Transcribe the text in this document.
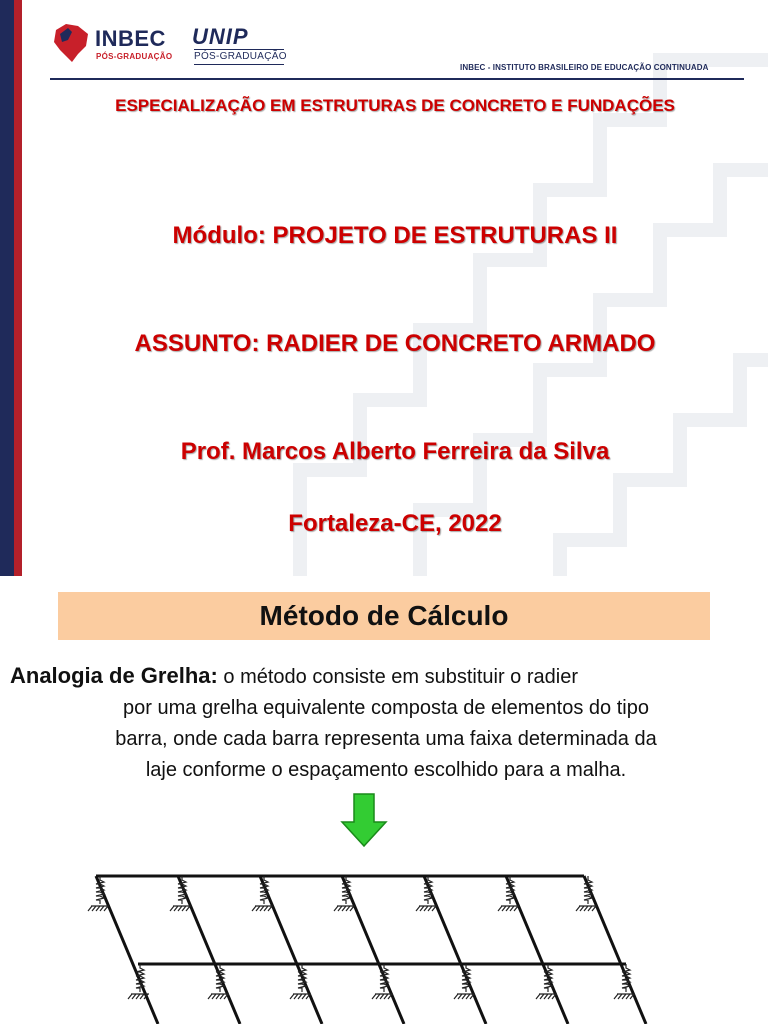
INBEC
PÓS-GRADUAÇÃO
UNIP
PÓS-GRADUAÇÃO
INBEC - INSTITUTO BRASILEIRO DE EDUCAÇÃO CONTINUADA
ESPECIALIZAÇÃO EM ESTRUTURAS DE CONCRETO E FUNDAÇÕES
Módulo: PROJETO DE ESTRUTURAS II
ASSUNTO: RADIER DE CONCRETO ARMADO
Prof. Marcos Alberto Ferreira da Silva
Fortaleza-CE, 2022
Método de Cálculo
Analogia de Grelha: o método consiste em substituir o radier
por uma grelha equivalente composta de elementos do tipo
barra, onde cada barra representa uma faixa determinada da
laje conforme o espaçamento escolhido para a malha.
